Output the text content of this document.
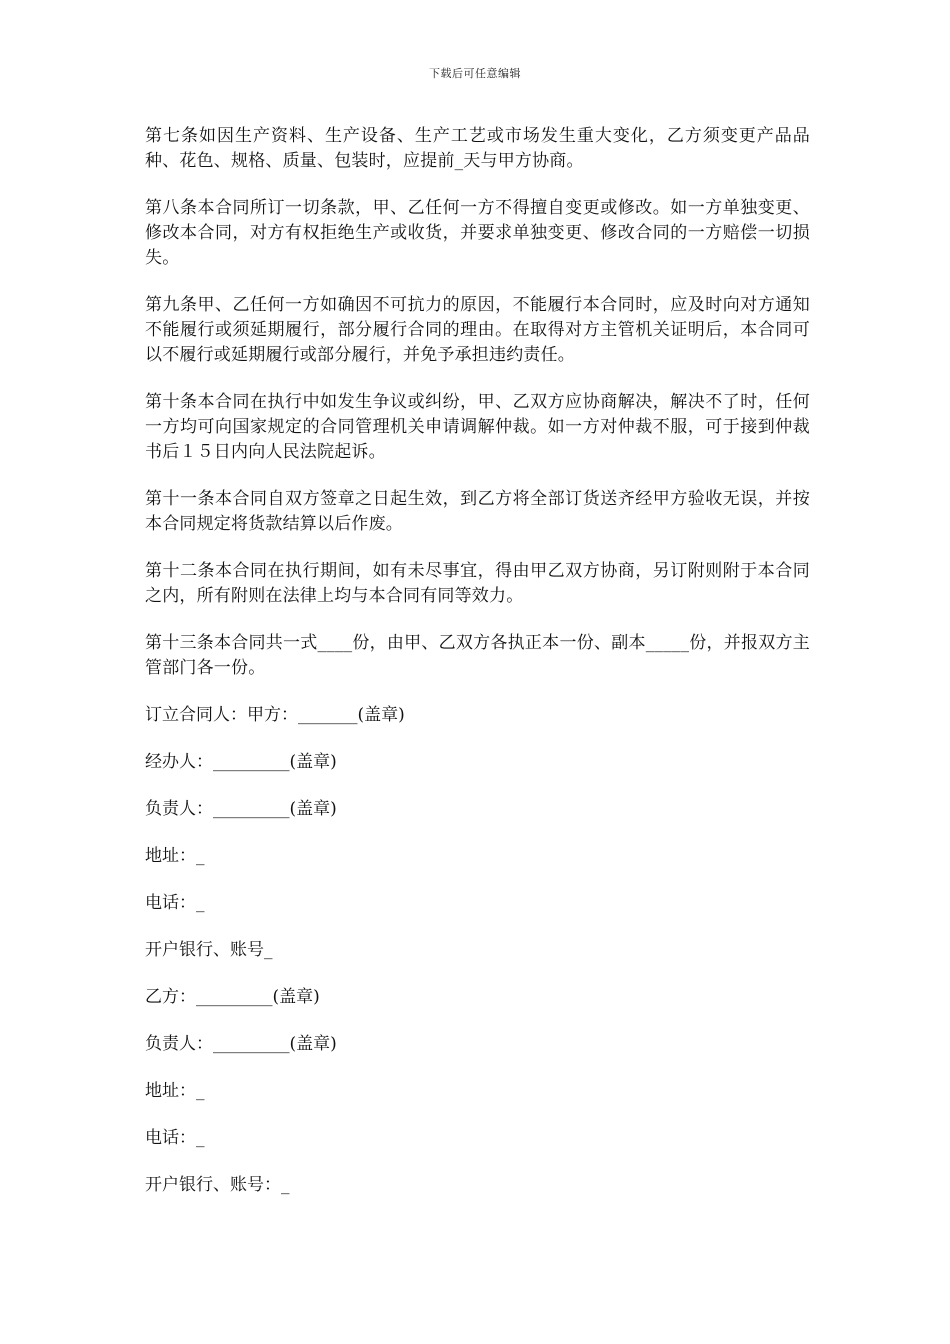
下载后可任意编辑

第七条如因生产资料、生产设备、生产工艺或市场发生重大变化，乙方须变更产品品种、花色、规格、质量、包装时，应提前_天与甲方协商。

第八条本合同所订一切条款，甲、乙任何一方不得擅自变更或修改。如一方单独变更、修改本合同，对方有权拒绝生产或收货，并要求单独变更、修改合同的一方赔偿一切损失。

第九条甲、乙任何一方如确因不可抗力的原因，不能履行本合同时，应及时向对方通知不能履行或须延期履行，部分履行合同的理由。在取得对方主管机关证明后，本合同可以不履行或延期履行或部分履行，并免予承担违约责任。

第十条本合同在执行中如发生争议或纠纷，甲、乙双方应协商解决，解决不了时，任何一方均可向国家规定的合同管理机关申请调解仲裁。如一方对仲裁不服，可于接到仲裁书后１５日内向人民法院起诉。

第十一条本合同自双方签章之日起生效，到乙方将全部订货送齐经甲方验收无误，并按本合同规定将货款结算以后作废。

第十二条本合同在执行期间，如有未尽事宜，得由甲乙双方协商，另订附则附于本合同之内，所有附则在法律上均与本合同有同等效力。

第十三条本合同共一式____份，由甲、乙双方各执正本一份、副本_____份，并报双方主管部门各一份。

订立合同人：甲方：_______(盖章)
经办人：_________(盖章)
负责人：_________(盖章)
地址：_
电话：_
开户银行、账号_
乙方：_________(盖章)
负责人：_________(盖章)
地址：_
电话：_
开户银行、账号：_
